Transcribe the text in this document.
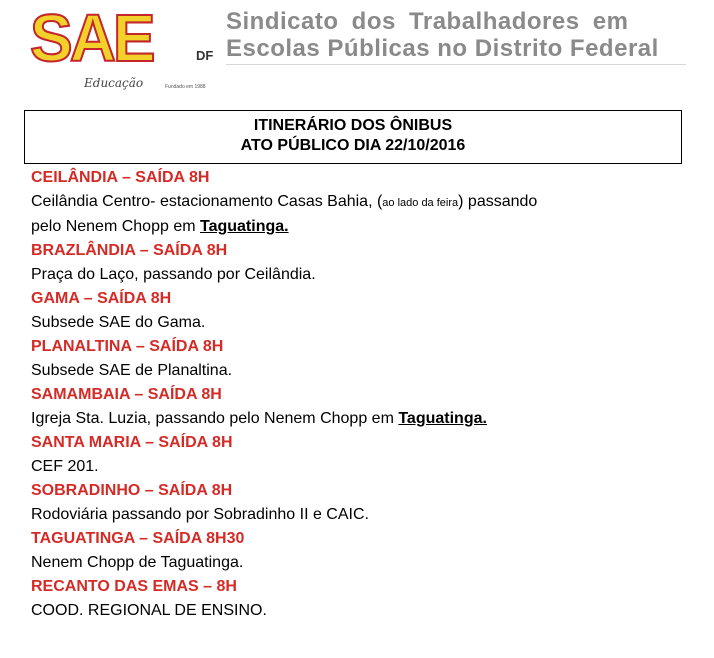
SAE	DF
Educação	Fundado em 1988
Sindicato dos Trabalhadores em
Escolas Públicas no Distrito Federal
ITINERÁRIO DOS ÔNIBUS
ATO PÚBLICO DIA 22/10/2016
CEILÂNDIA – SAÍDA 8H
Ceilândia Centro- estacionamento Casas Bahia, (ao lado da feira) passando
pelo Nenem Chopp em Taguatinga.
BRAZLÂNDIA – SAÍDA 8H
Praça do Laço, passando por Ceilândia.
GAMA – SAÍDA 8H
Subsede SAE do Gama.
PLANALTINA – SAÍDA 8H
Subsede SAE de Planaltina.
SAMAMBAIA – SAÍDA 8H
Igreja Sta. Luzia, passando pelo Nenem Chopp em Taguatinga.
SANTA MARIA – SAÍDA 8H
CEF 201.
SOBRADINHO – SAÍDA 8H
Rodoviária passando por Sobradinho II e CAIC.
TAGUATINGA – SAÍDA 8H30
Nenem Chopp de Taguatinga.
RECANTO DAS EMAS – 8H
COOD. REGIONAL DE ENSINO.
